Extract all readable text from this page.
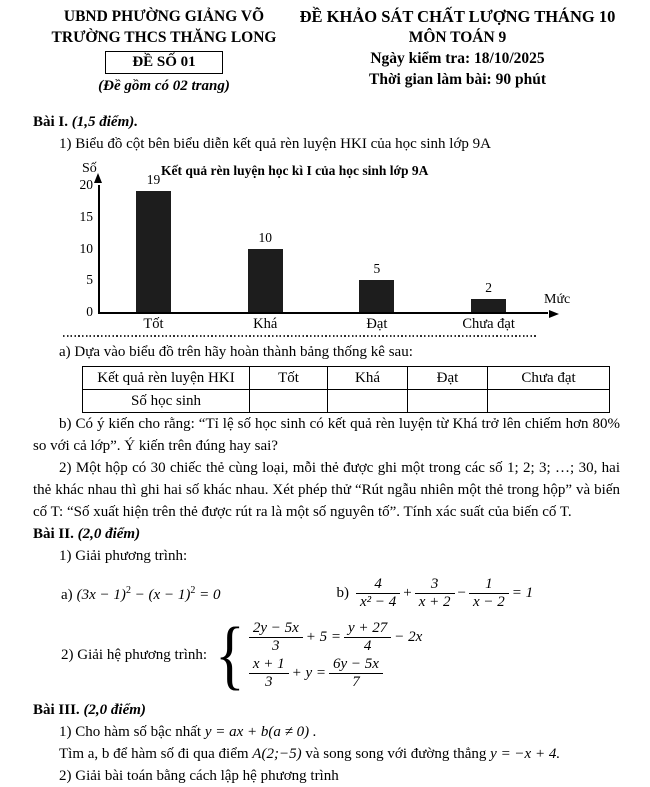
UBND PHƯỜNG GIẢNG VÕ
TRƯỜNG THCS THĂNG LONG
ĐỀ SỐ 01
(Đề gồm có 02 trang)
ĐỀ KHẢO SÁT CHẤT LƯỢNG THÁNG 10
MÔN TOÁN 9
Ngày kiểm tra: 18/10/2025
Thời gian làm bài: 90 phút

Bài I. (1,5 điểm).

1) Biểu đồ cột bên biểu diễn kết quả rèn luyện HKI của học sinh lớp 9A

Số	Kết quả rèn luyện học kì I của học sinh lớp 9A
Mức
0
5
10
15
20	19
Tốt
10
Khá
5
Đạt
2
Chưa đạt

a) Dựa vào biểu đồ trên hãy hoàn thành bảng thống kê sau:

Kết quả rèn luyện HKI	Tốt	Khá	Đạt	Chưa đạt
Số học sinh				

b) Có ý kiến cho rằng: “Tỉ lệ số học sinh có kết quả rèn luyện từ Khá trở lên chiếm hơn 80% so với cả lớp”. Ý kiến trên đúng hay sai?

2) Một hộp có 30 chiếc thẻ cùng loại, mỗi thẻ được ghi một trong các số 1; 2; 3; …; 30, hai thẻ khác nhau thì ghi hai số khác nhau. Xét phép thử “Rút ngẫu nhiên một thẻ trong hộp” và biến cố T: “Số xuất hiện trên thẻ được rút ra là một số nguyên tố”. Tính xác suất của biến cố T.

Bài II. (2,0 điểm)

1) Giải phương trình:

a) $(3x - 1)^2 - (x - 1)^2 = 0$	$b) \frac{4}{\text{x² − 4}} + \frac{3}{x + 2} - \frac{1}{x - 2} = 1$
2) Giải hệ phương trình: { $\frac{2y - 5x}{3} + 5 = \frac{y + 27}{4} - 2x$
$\frac{x + 1}{3} + y = \frac{6y - 5x}{7}$

Bài III. (2,0 điểm)

1) Cho hàm số bậc nhất y = ax + b(a ≠ 0) .

Tìm a, b để hàm số đi qua điểm A(2;−5) và song song với đường thẳng y = −x + 4.

2) Giải bài toán bằng cách lập hệ phương trình
